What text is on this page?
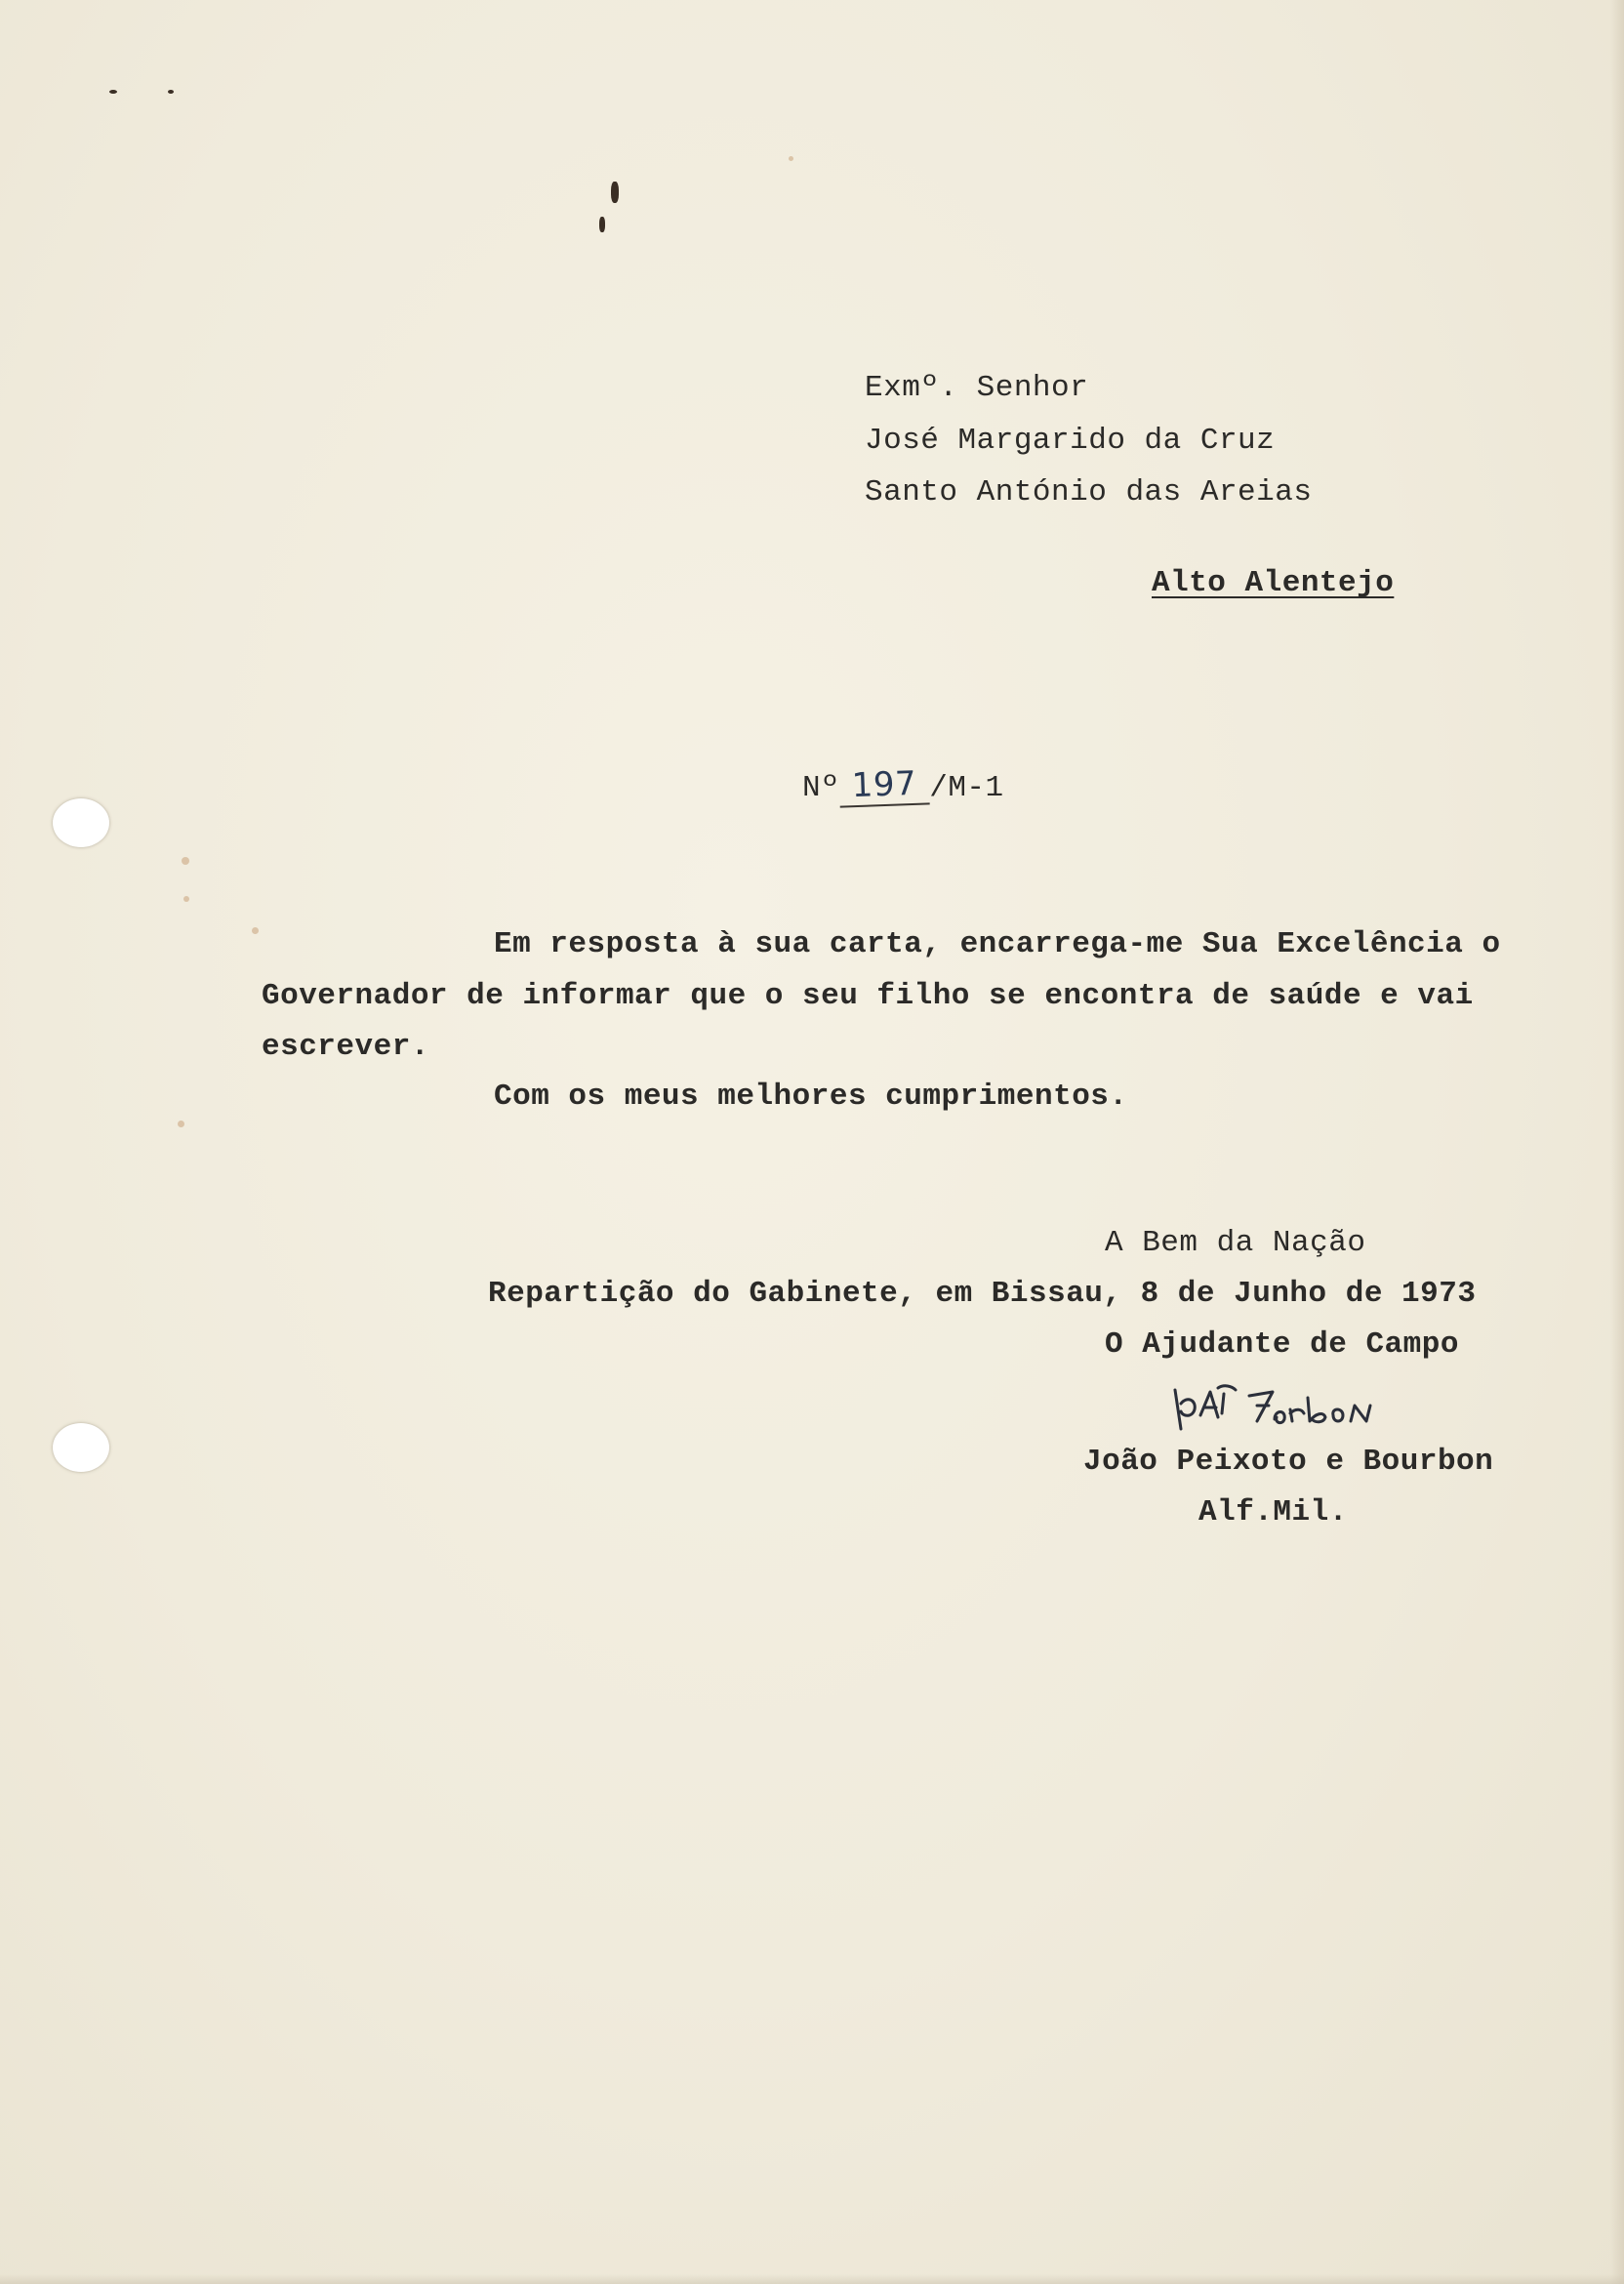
Exmº. Senhor
José Margarido da Cruz
Santo António das Areias
Alto Alentejo
Nº 197 /M-1
Em resposta à sua carta, encarrega-me Sua Excelência o
Governador de informar que o seu filho se encontra de saúde e vai
escrever.
Com os meus melhores cumprimentos.
A Bem da Nação
Repartição do Gabinete, em Bissau, 8 de Junho de 1973
O Ajudante de Campo
João Peixoto e Bourbon
Alf.Mil.
